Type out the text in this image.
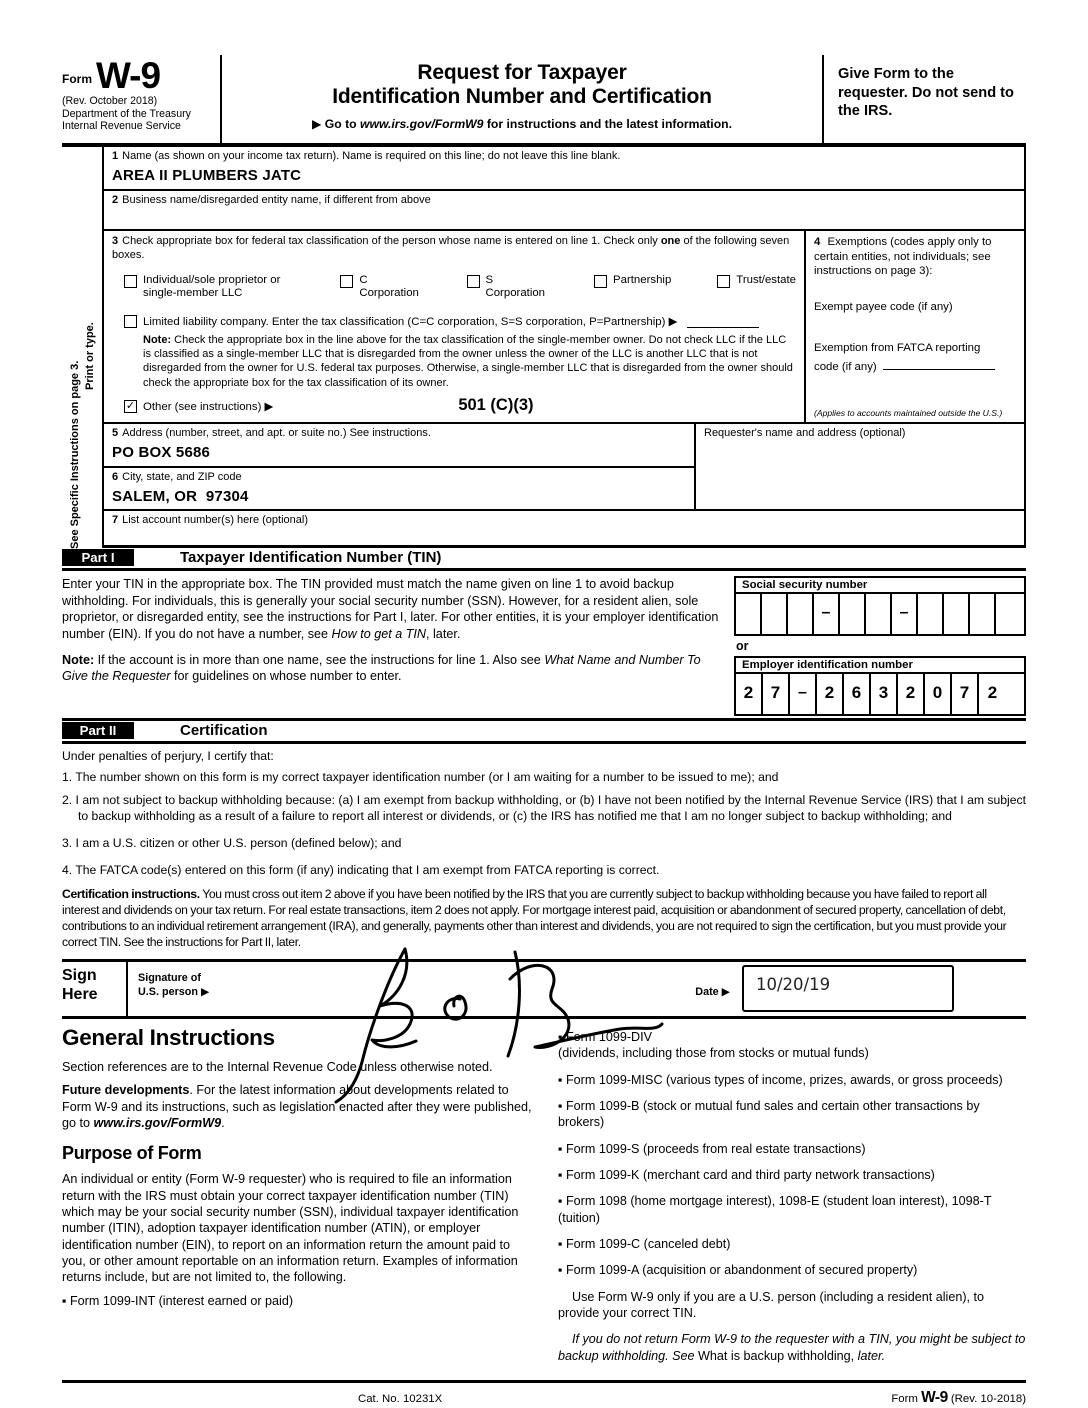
Form W-9
(Rev. October 2018)
Department of the Treasury
Internal Revenue Service
Request for Taxpayer
Identification Number and Certification
▶ Go to www.irs.gov/FormW9 for instructions and the latest information.
Give Form to the requester. Do not send to the IRS.
Print or type.
See Specific Instructions on page 3.
1 Name (as shown on your income tax return). Name is required on this line; do not leave this line blank.
AREA II PLUMBERS JATC
2 Business name/disregarded entity name, if different from above
3 Check appropriate box for federal tax classification of the person whose name is entered on line 1. Check only one of the following seven boxes.
Individual/sole proprietor or single-member LLC
C Corporation
S Corporation
Partnership	Trust/estate
Limited liability company. Enter the tax classification (C=C corporation, S=S corporation, P=Partnership) ▶
Note: Check the appropriate box in the line above for the tax classification of the single-member owner. Do not check LLC if the LLC is classified as a single-member LLC that is disregarded from the owner unless the owner of the LLC is another LLC that is not disregarded from the owner for U.S. federal tax purposes. Otherwise, a single-member LLC that is disregarded from the owner should check the appropriate box for the tax classification of its owner.
✓ Other (see instructions) ▶	501 (C)(3)
4 Exemptions (codes apply only to certain entities, not individuals; see instructions on page 3):
Exempt payee code (if any)
Exemption from FATCA reporting
code (if any)
(Applies to accounts maintained outside the U.S.)
5 Address (number, street, and apt. or suite no.) See instructions.
PO BOX 5686
6 City, state, and ZIP code
SALEM, OR  97304
Requester's name and address (optional)
7 List account number(s) here (optional)
Part I	Taxpayer Identification Number (TIN)
Enter your TIN in the appropriate box. The TIN provided must match the name given on line 1 to avoid backup withholding. For individuals, this is generally your social security number (SSN). However, for a resident alien, sole proprietor, or disregarded entity, see the instructions for Part I, later. For other entities, it is your employer identification number (EIN). If you do not have a number, see How to get a TIN, later.
Note: If the account is in more than one name, see the instructions for line 1. Also see What Name and Number To Give the Requester for guidelines on whose number to enter.
Social security number
–	–
or
Employer identification number
2	7	–	2	6	3	2	0	7	2
Part II	Certification
Under penalties of perjury, I certify that:
1. The number shown on this form is my correct taxpayer identification number (or I am waiting for a number to be issued to me); and
2. I am not subject to backup withholding because: (a) I am exempt from backup withholding, or (b) I have not been notified by the Internal Revenue Service (IRS) that I am subject to backup withholding as a result of a failure to report all interest or dividends, or (c) the IRS has notified me that I am no longer subject to backup withholding; and
3. I am a U.S. citizen or other U.S. person (defined below); and
4. The FATCA code(s) entered on this form (if any) indicating that I am exempt from FATCA reporting is correct.
Certification instructions. You must cross out item 2 above if you have been notified by the IRS that you are currently subject to backup withholding because you have failed to report all interest and dividends on your tax return. For real estate transactions, item 2 does not apply. For mortgage interest paid, acquisition or abandonment of secured property, cancellation of debt, contributions to an individual retirement arrangement (IRA), and generally, payments other than interest and dividends, you are not required to sign the certification, but you must provide your correct TIN. See the instructions for Part II, later.
Sign
Here
Signature of
U.S. person ▶	Date ▶	10/20/19
General Instructions
Section references are to the Internal Revenue Code unless otherwise noted.
Future developments. For the latest information about developments related to Form W-9 and its instructions, such as legislation enacted after they were published, go to www.irs.gov/FormW9.
Purpose of Form
An individual or entity (Form W-9 requester) who is required to file an information return with the IRS must obtain your correct taxpayer identification number (TIN) which may be your social security number (SSN), individual taxpayer identification number (ITIN), adoption taxpayer identification number (ATIN), or employer identification number (EIN), to report on an information return the amount paid to you, or other amount reportable on an information return. Examples of information returns include, but are not limited to, the following.
▪ Form 1099-INT (interest earned or paid)
▪ Form 1099-DIV
(dividends, including those from stocks or mutual funds)
▪ Form 1099-MISC (various types of income, prizes, awards, or gross proceeds)
▪ Form 1099-B (stock or mutual fund sales and certain other transactions by brokers)
▪ Form 1099-S (proceeds from real estate transactions)
▪ Form 1099-K (merchant card and third party network transactions)
▪ Form 1098 (home mortgage interest), 1098-E (student loan interest), 1098-T (tuition)
▪ Form 1099-C (canceled debt)
▪ Form 1099-A (acquisition or abandonment of secured property)
Use Form W-9 only if you are a U.S. person (including a resident alien), to provide your correct TIN.
If you do not return Form W-9 to the requester with a TIN, you might be subject to backup withholding. See What is backup withholding, later.
Cat. No. 10231X	Form W-9 (Rev. 10-2018)
